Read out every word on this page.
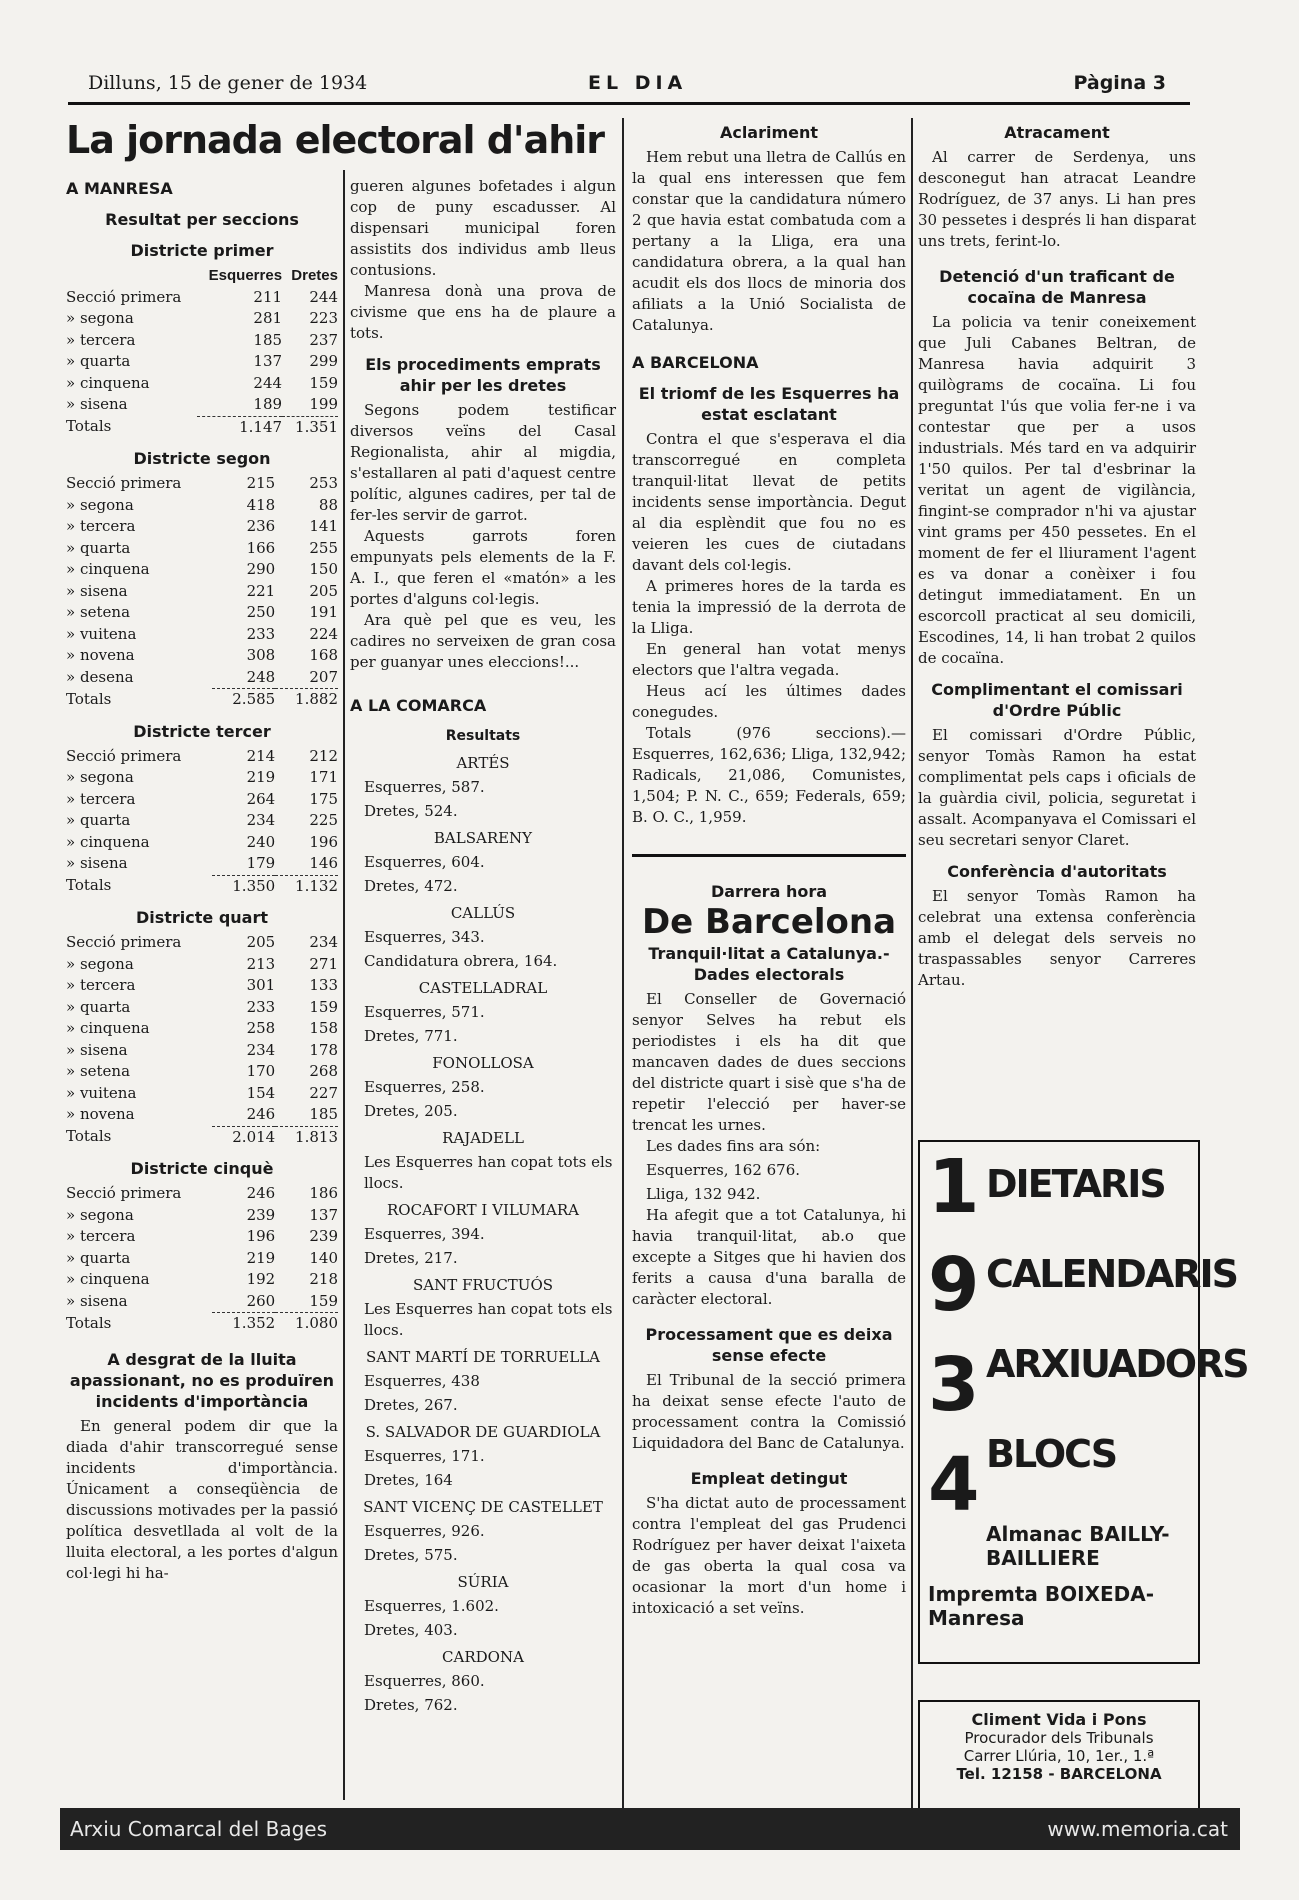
Dilluns, 15 de gener de 1934	EL DIA	Pàgina 3
La jornada electoral d'ahir
A MANRESA
Resultat per seccions
Districte primer
	Esquerres	Dretes
Secció primera	211	244
» segona	281	223
» tercera	185	237
» quarta	137	299
» cinquena	244	159
» sisena	189	199
Totals	1.147	1.351
Districte segon
Secció primera	215	253
» segona	418	88
» tercera	236	141
» quarta	166	255
» cinquena	290	150
» sisena	221	205
» setena	250	191
» vuitena	233	224
» novena	308	168
» desena	248	207
Totals	2.585	1.882
Districte tercer
Secció primera	214	212
» segona	219	171
» tercera	264	175
» quarta	234	225
» cinquena	240	196
» sisena	179	146
Totals	1.350	1.132
Districte quart
Secció primera	205	234
» segona	213	271
» tercera	301	133
» quarta	233	159
» cinquena	258	158
» sisena	234	178
» setena	170	268
» vuitena	154	227
» novena	246	185
Totals	2.014	1.813
Districte cinquè
Secció primera	246	186
» segona	239	137
» tercera	196	239
» quarta	219	140
» cinquena	192	218
» sisena	260	159
Totals	1.352	1.080
A desgrat de la lluita apassionant, no es produïren incidents d'importància

En general podem dir que la diada d'ahir transcorregué sense incidents d'importància. Únicament a conseqüència de discussions motivades per la passió política desvetllada al volt de la lluita electoral, a les portes d'algun col·legi hi ha-

gueren algunes bofetades i algun cop de puny escadusser. Al dispensari municipal foren assistits dos individus amb lleus contusions.

Manresa donà una prova de civisme que ens ha de plaure a tots.

Els procediments emprats ahir per les dretes

Segons podem testificar diversos veïns del Casal Regionalista, ahir al migdia, s'estallaren al pati d'aquest centre polític, algunes cadires, per tal de fer-les servir de garrot.

Aquests garrots foren empunyats pels elements de la F. A. I., que feren el «matón» a les portes d'alguns col·legis.

Ara què pel que es veu, les cadires no serveixen de gran cosa per guanyar unes eleccions!...

A LA COMARCA
Resultats
ARTÉS
Esquerres, 587.
Dretes, 524.
BALSARENY
Esquerres, 604.
Dretes, 472.
CALLÚS
Esquerres, 343.
Candidatura obrera, 164.
CASTELLADRAL
Esquerres, 571.
Dretes, 771.
FONOLLOSA
Esquerres, 258.
Dretes, 205.
RAJADELL
Les Esquerres han copat tots els llocs.
ROCAFORT I VILUMARA
Esquerres, 394.
Dretes, 217.
SANT FRUCTUÓS
Les Esquerres han copat tots els llocs.
SANT MARTÍ DE TORRUELLA
Esquerres, 438
Dretes, 267.
S. SALVADOR DE GUARDIOLA
Esquerres, 171.
Dretes, 164
SANT VICENÇ DE CASTELLET
Esquerres, 926.
Dretes, 575.
SÚRIA
Esquerres, 1.602.
Dretes, 403.
CARDONA
Esquerres, 860.
Dretes, 762.
Aclariment

Hem rebut una lletra de Callús en la qual ens interessen que fem constar que la candidatura número 2 que havia estat combatuda com a pertany a la Lliga, era una candidatura obrera, a la qual han acudit els dos llocs de minoria dos afiliats a la Unió Socialista de Catalunya.

A BARCELONA
El triomf de les Esquerres ha estat esclatant

Contra el que s'esperava el dia transcorregué en completa tranquil·litat llevat de petits incidents sense importància. Degut al dia esplèndit que fou no es veieren les cues de ciutadans davant dels col·legis.

A primeres hores de la tarda es tenia la impressió de la derrota de la Lliga.

En general han votat menys electors que l'altra vegada.

Heus ací les últimes dades conegudes.

Totals (976 seccions).—Esquerres, 162,636; Lliga, 132,942; Radicals, 21,086, Comunistes, 1,504; P. N. C., 659; Federals, 659; B. O. C., 1,959.

Darrera hora
De Barcelona
Tranquil·litat a Catalunya.- Dades electorals

El Conseller de Governació senyor Selves ha rebut els periodistes i els ha dit que mancaven dades de dues seccions del districte quart i sisè que s'ha de repetir l'elecció per haver-se trencat les urnes.

Les dades fins ara són:

Esquerres, 162 676.
Lliga, 132 942.

Ha afegit que a tot Catalunya, hi havia tranquil·litat, ab.o que excepte a Sitges que hi havien dos ferits a causa d'una baralla de caràcter electoral.

Processament que es deixa sense efecte

El Tribunal de la secció primera ha deixat sense efecte l'auto de processament contra la Comissió Liquidadora del Banc de Catalunya.

Empleat detingut

S'ha dictat auto de processament contra l'empleat del gas Prudenci Rodríguez per haver deixat l'aixeta de gas oberta la qual cosa va ocasionar la mort d'un home i intoxicació a set veïns.

Atracament

Al carrer de Serdenya, uns desconegut han atracat Leandre Rodríguez, de 37 anys. Li han pres 30 pessetes i després li han disparat uns trets, ferint-lo.

Detenció d'un traficant de cocaïna de Manresa

La policia va tenir coneixement que Juli Cabanes Beltran, de Manresa havia adquirit 3 quilògrams de cocaïna. Li fou preguntat l'ús que volia fer-ne i va contestar que per a usos industrials. Més tard en va adquirir 1'50 quilos. Per tal d'esbrinar la veritat un agent de vigilància, fingint-se comprador n'hi va ajustar vint grams per 450 pessetes. En el moment de fer el lliurament l'agent es va donar a conèixer i fou detingut immediatament. En un escorcoll practicat al seu domicili, Escodines, 14, li han trobat 2 quilos de cocaïna.

Complimentant el comissari d'Ordre Públic

El comissari d'Ordre Públic, senyor Tomàs Ramon ha estat complimentat pels caps i oficials de la guàrdia civil, policia, seguretat i assalt. Acompanyava el Comissari el seu secretari senyor Claret.

Conferència d'autoritats

El senyor Tomàs Ramon ha celebrat una extensa conferència amb el delegat dels serveis no traspassables senyor Carreres Artau.

1
9
3
4
DIETARIS
CALENDARIS
ARXIUADORS
BLOCS
Almanac BAILLY-BAILLIERE
Impremta BOIXEDA-Manresa
Climent Vida i Pons
Procurador dels Tribunals
Carrer Llúria, 10, 1er., 1.ª
Tel. 12158 - BARCELONA
Arxiu Comarcal del Bages	www.memoria.cat
